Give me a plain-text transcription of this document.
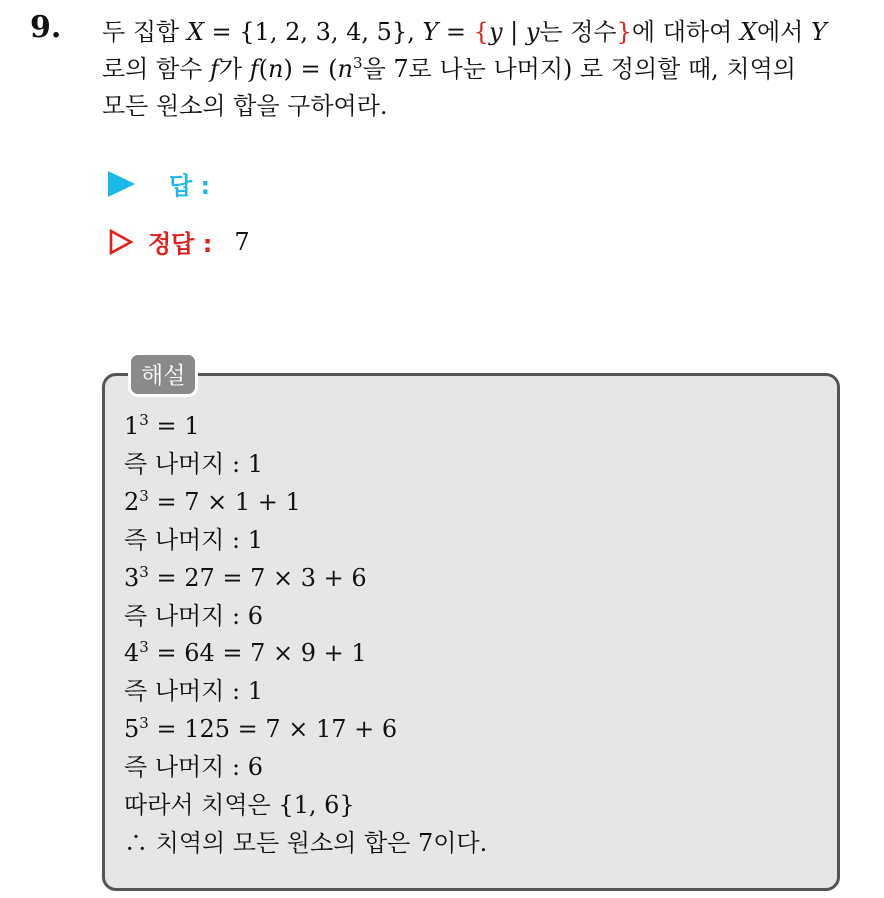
9. 두 집합 X = {1, 2, 3, 4, 5}, Y = {y | y는 정수}에 대하여 X에서 Y
로의 함수 f가 $f(n) = (n^3$을 7로 나눈 나머지) 로 정의할 때, 치역의
모든 원소의 합을 구하여라.
답 :
정답 : 7
해설
$1^3 = 1$
즉 나머지 : 1
$2^3 = 7 \times 1 + 1$
즉 나머지 : 1
$3^3 = 27 = 7 \times 3 + 6$
즉 나머지 : 6
$4^3 = 64 = 7 \times 9 + 1$
즉 나머지 : 1
$5^3 = 125 = 7 \times 17 + 6$
즉 나머지 : 6
따라서 치역은 {1, 6}
∴ 치역의 모든 원소의 합은 7이다.
